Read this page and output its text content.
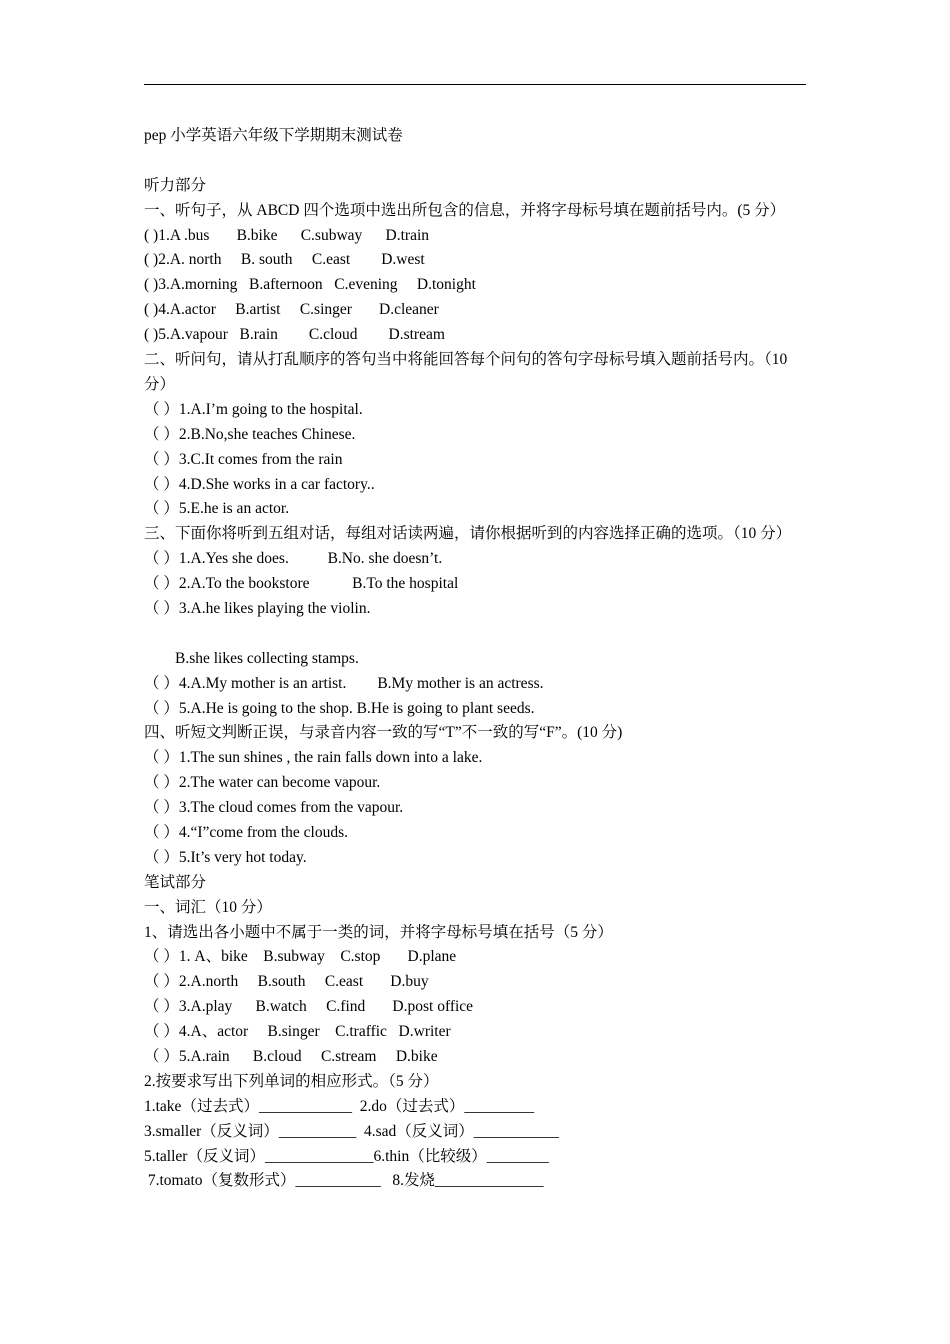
pep 小学英语六年级下学期期末测试卷
听力部分
一、听句子，从 ABCD 四个选项中选出所包含的信息，并将字母标号填在题前括号内。(5 分）
( )1.A .bus       B.bike      C.subway      D.train
( )2.A. north     B. south     C.east        D.west
( )3.A.morning   B.afternoon   C.evening     D.tonight
( )4.A.actor     B.artist     C.singer       D.cleaner
( )5.A.vapour   B.rain        C.cloud        D.stream
二、听问句，请从打乱顺序的答句当中将能回答每个问句的答句字母标号填入题前括号内。（10 分）
（ ）1.A.I’m going to the hospital.
（ ）2.B.No,she teaches Chinese.
（ ）3.C.It comes from the rain
（ ）4.D.She works in a car factory..
（ ）5.E.he is an actor.
三、下面你将听到五组对话，每组对话读两遍，请你根据听到的内容选择正确的选项。（10 分）
（ ）1.A.Yes she does.          B.No. she doesn’t.
（ ）2.A.To the bookstore           B.To the hospital
（ ）3.A.he likes playing the violin.
B.she likes collecting stamps.
（ ）4.A.My mother is an artist.        B.My mother is an actress.
（ ）5.A.He is going to the shop. B.He is going to plant seeds.
四、听短文判断正误，与录音内容一致的写“T”不一致的写“F”。(10 分)
（ ）1.The sun shines , the rain falls down into a lake.
（ ）2.The water can become vapour.
（ ）3.The cloud comes from the vapour.
（ ）4.“I”come from the clouds.
（ ）5.It’s very hot today.
笔试部分
一、词汇（10 分）
1、请选出各小题中不属于一类的词，并将字母标号填在括号（5 分）
（ ）1. A、bike    B.subway    C.stop       D.plane
（ ）2.A.north     B.south     C.east       D.buy
（ ）3.A.play      B.watch     C.find       D.post office
（ ）4.A、actor     B.singer    C.traffic   D.writer
（ ）5.A.rain      B.cloud     C.stream     D.bike
2.按要求写出下列单词的相应形式。（5 分）
1.take（过去式）____________  2.do（过去式）_________
3.smaller（反义词）__________  4.sad（反义词）___________
5.taller（反义词）______________6.thin（比较级）________
7.tomato（复数形式）___________   8.发烧______________
